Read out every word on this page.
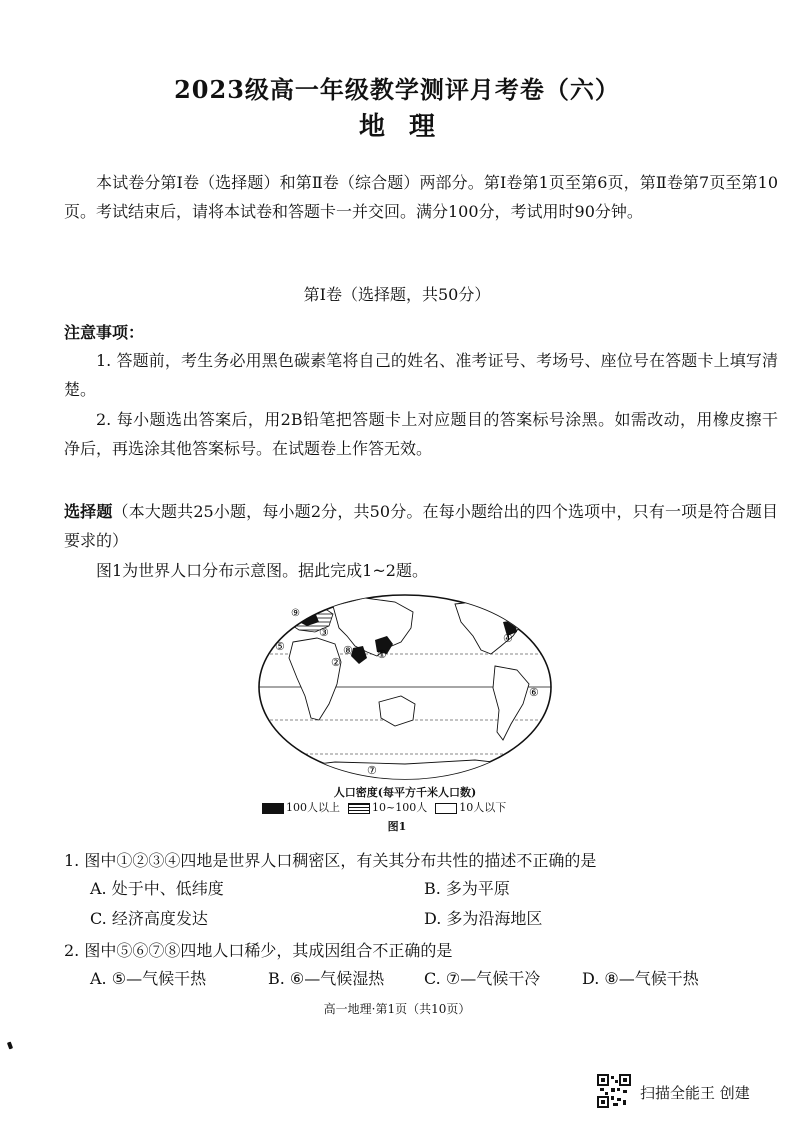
2023级高一年级教学测评月考卷（六）
地理
本试卷分第Ⅰ卷（选择题）和第Ⅱ卷（综合题）两部分。第Ⅰ卷第1页至第6页，第Ⅱ卷第7页至第10页。考试结束后，请将本试卷和答题卡一并交回。满分100分，考试用时90分钟。
第Ⅰ卷（选择题，共50分）
注意事项：
1. 答题前，考生务必用黑色碳素笔将自己的姓名、准考证号、考场号、座位号在答题卡上填写清楚。
2. 每小题选出答案后，用2B铅笔把答题卡上对应题目的答案标号涂黑。如需改动，用橡皮擦干净后，再选涂其他答案标号。在试题卷上作答无效。
选择题（本大题共25小题，每小题2分，共50分。在每小题给出的四个选项中，只有一项是符合题目要求的）
图1为世界人口分布示意图。据此完成1~2题。
⑨
⑤
③
⑧
②
①
④
⑥
⑦
人口密度(每平方千米人口数)
100人以上	10~100人	10人以下
图1
1. 图中①②③④四地是世界人口稠密区，有关其分布共性的描述不正确的是
A. 处于中、低纬度	B. 多为平原
C. 经济高度发达	D. 多为沿海地区
2. 图中⑤⑥⑦⑧四地人口稀少，其成因组合不正确的是
A. ⑤—气候干热	B. ⑥—气候湿热 C. ⑦—气候干冷	D. ⑧—气候干热
高一地理·第1页（共10页）
扫描全能王 创建
